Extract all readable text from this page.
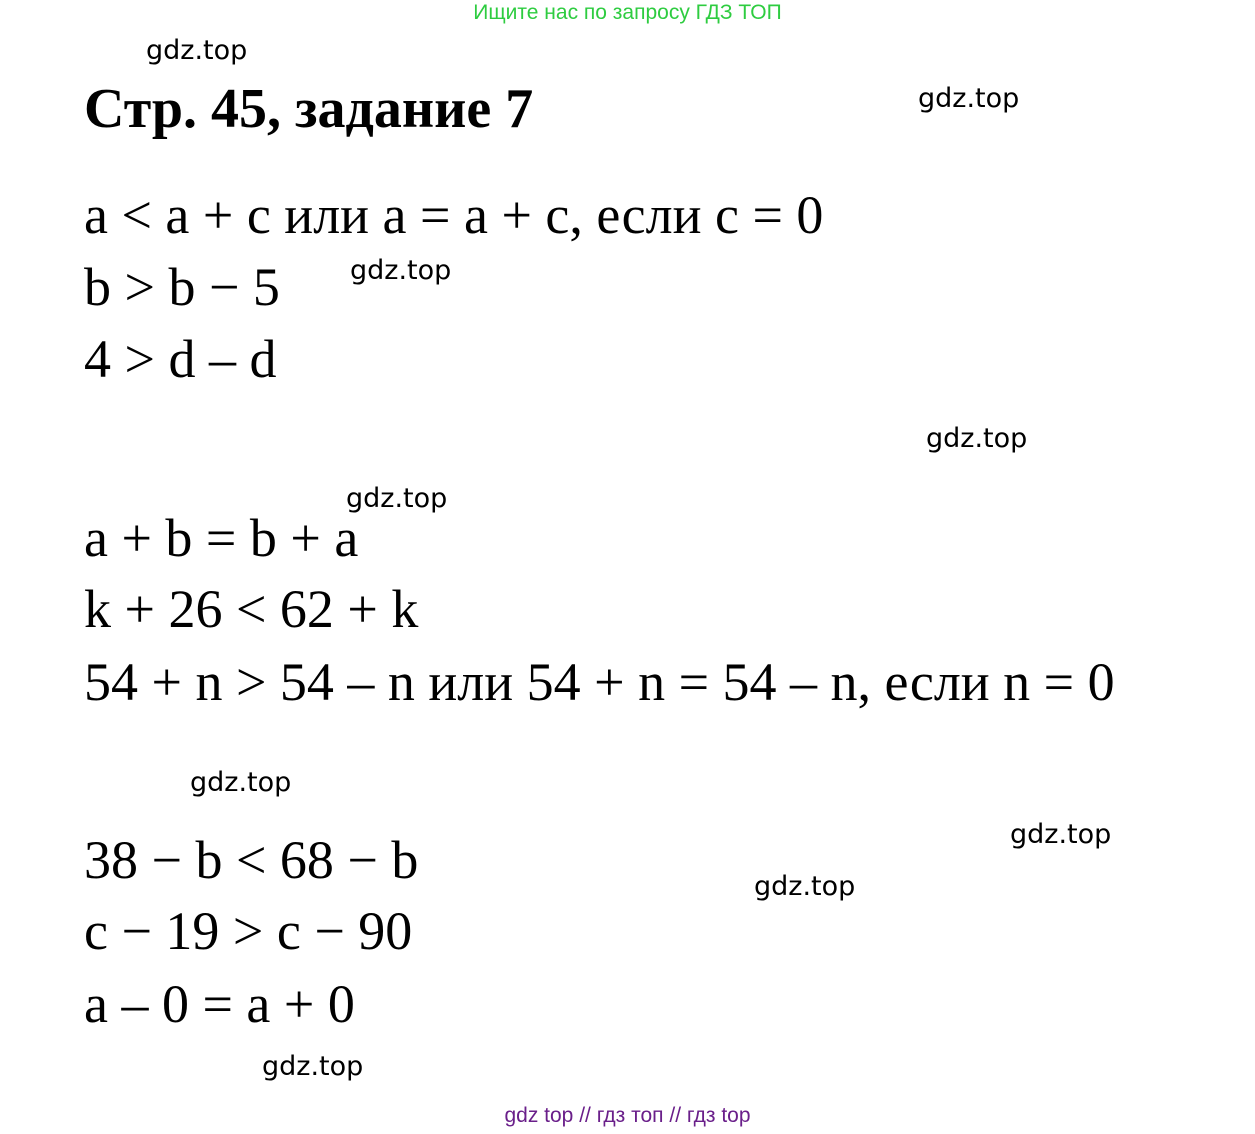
Ищите нас по запросу ГДЗ ТОП
gdz.top
gdz.top
gdz.top
gdz.top
gdz.top
gdz.top
gdz.top
gdz.top
gdz.top
Стр. 45, задание 7
a < a + c или a = a + c, если c = 0
b > b − 5
4 > d – d
a + b = b + a
k + 26 < 62 + k
54 + n > 54 – n или 54 + n = 54 – n, если n = 0
38 − b < 68 − b
c − 19 > c − 90
a – 0 = a + 0
gdz top // гдз топ // гдз top
